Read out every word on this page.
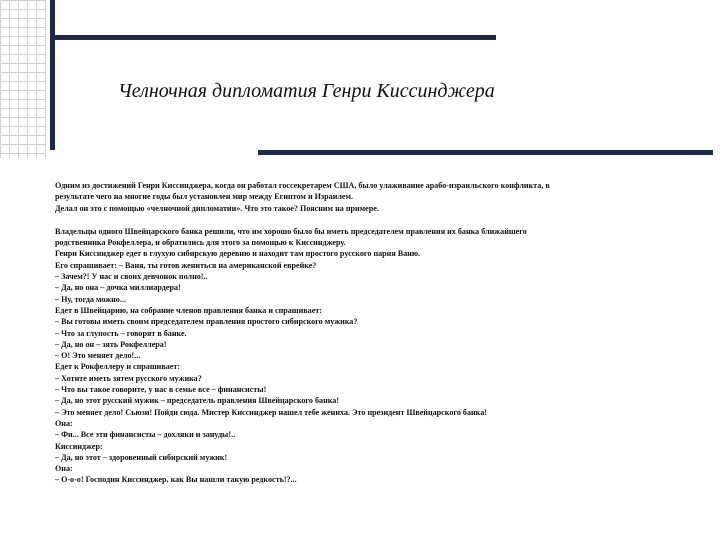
Челночная дипломатия Генри Киссинджера

Одним из достижений Генри Киссинджера, когда он работал госсекретарем США, было улаживание арабо-израильского конфликта, в

результате чего на многие годы был установлен мир между Египтом и Израилем.

Делал он это с помощью «челночной дипломатии». Что это такое? Поясним на примере.

Владельцы одного Швейцарского банка решили, что им хорошо было бы иметь председателем правления их банка ближайшего

родственника Рокфеллера, и обратились для этого за помощью к Киссинджеру.

Генри Киссинджер едет в глухую сибирскую деревню и находит там простого русского парня Ваню.

Его спрашивает: – Ваня, ты готов жениться на американской еврейке?

– Зачем?! У нас и своих девчонок полно!..

– Да, но она – дочка миллиардера!

– Ну, тогда можно...

Едет в Швейцарию, на собрание членов правления банка и спрашивает:

– Вы готовы иметь своим председателем правления простого сибирского мужика?

– Что за глупость – говорят в банке.

– Да, но он – зять Рокфеллера!

– О! Это меняет дело!...

Едет к Рокфеллеру и спрашивает:

– Хотите иметь зятем русского мужика?

– Что вы такое говорите, у нас в семье все – финансисты!

– Да, но этот русский мужик – председатель правления Швейцарского банка!

– Это меняет дело! Сьюзи! Пойди сюда. Мистер Киссинджер нашел тебе жениха. Это президент Швейцарского банка!

Она:

– Фи... Все эти финансисты – дохляки и зануды!..

Киссинджер:

– Да, но этот – здоровенный сибирский мужик!

Она:

– О-о-о! Господин Киссинджер, как Вы нашли такую редкость!?...
